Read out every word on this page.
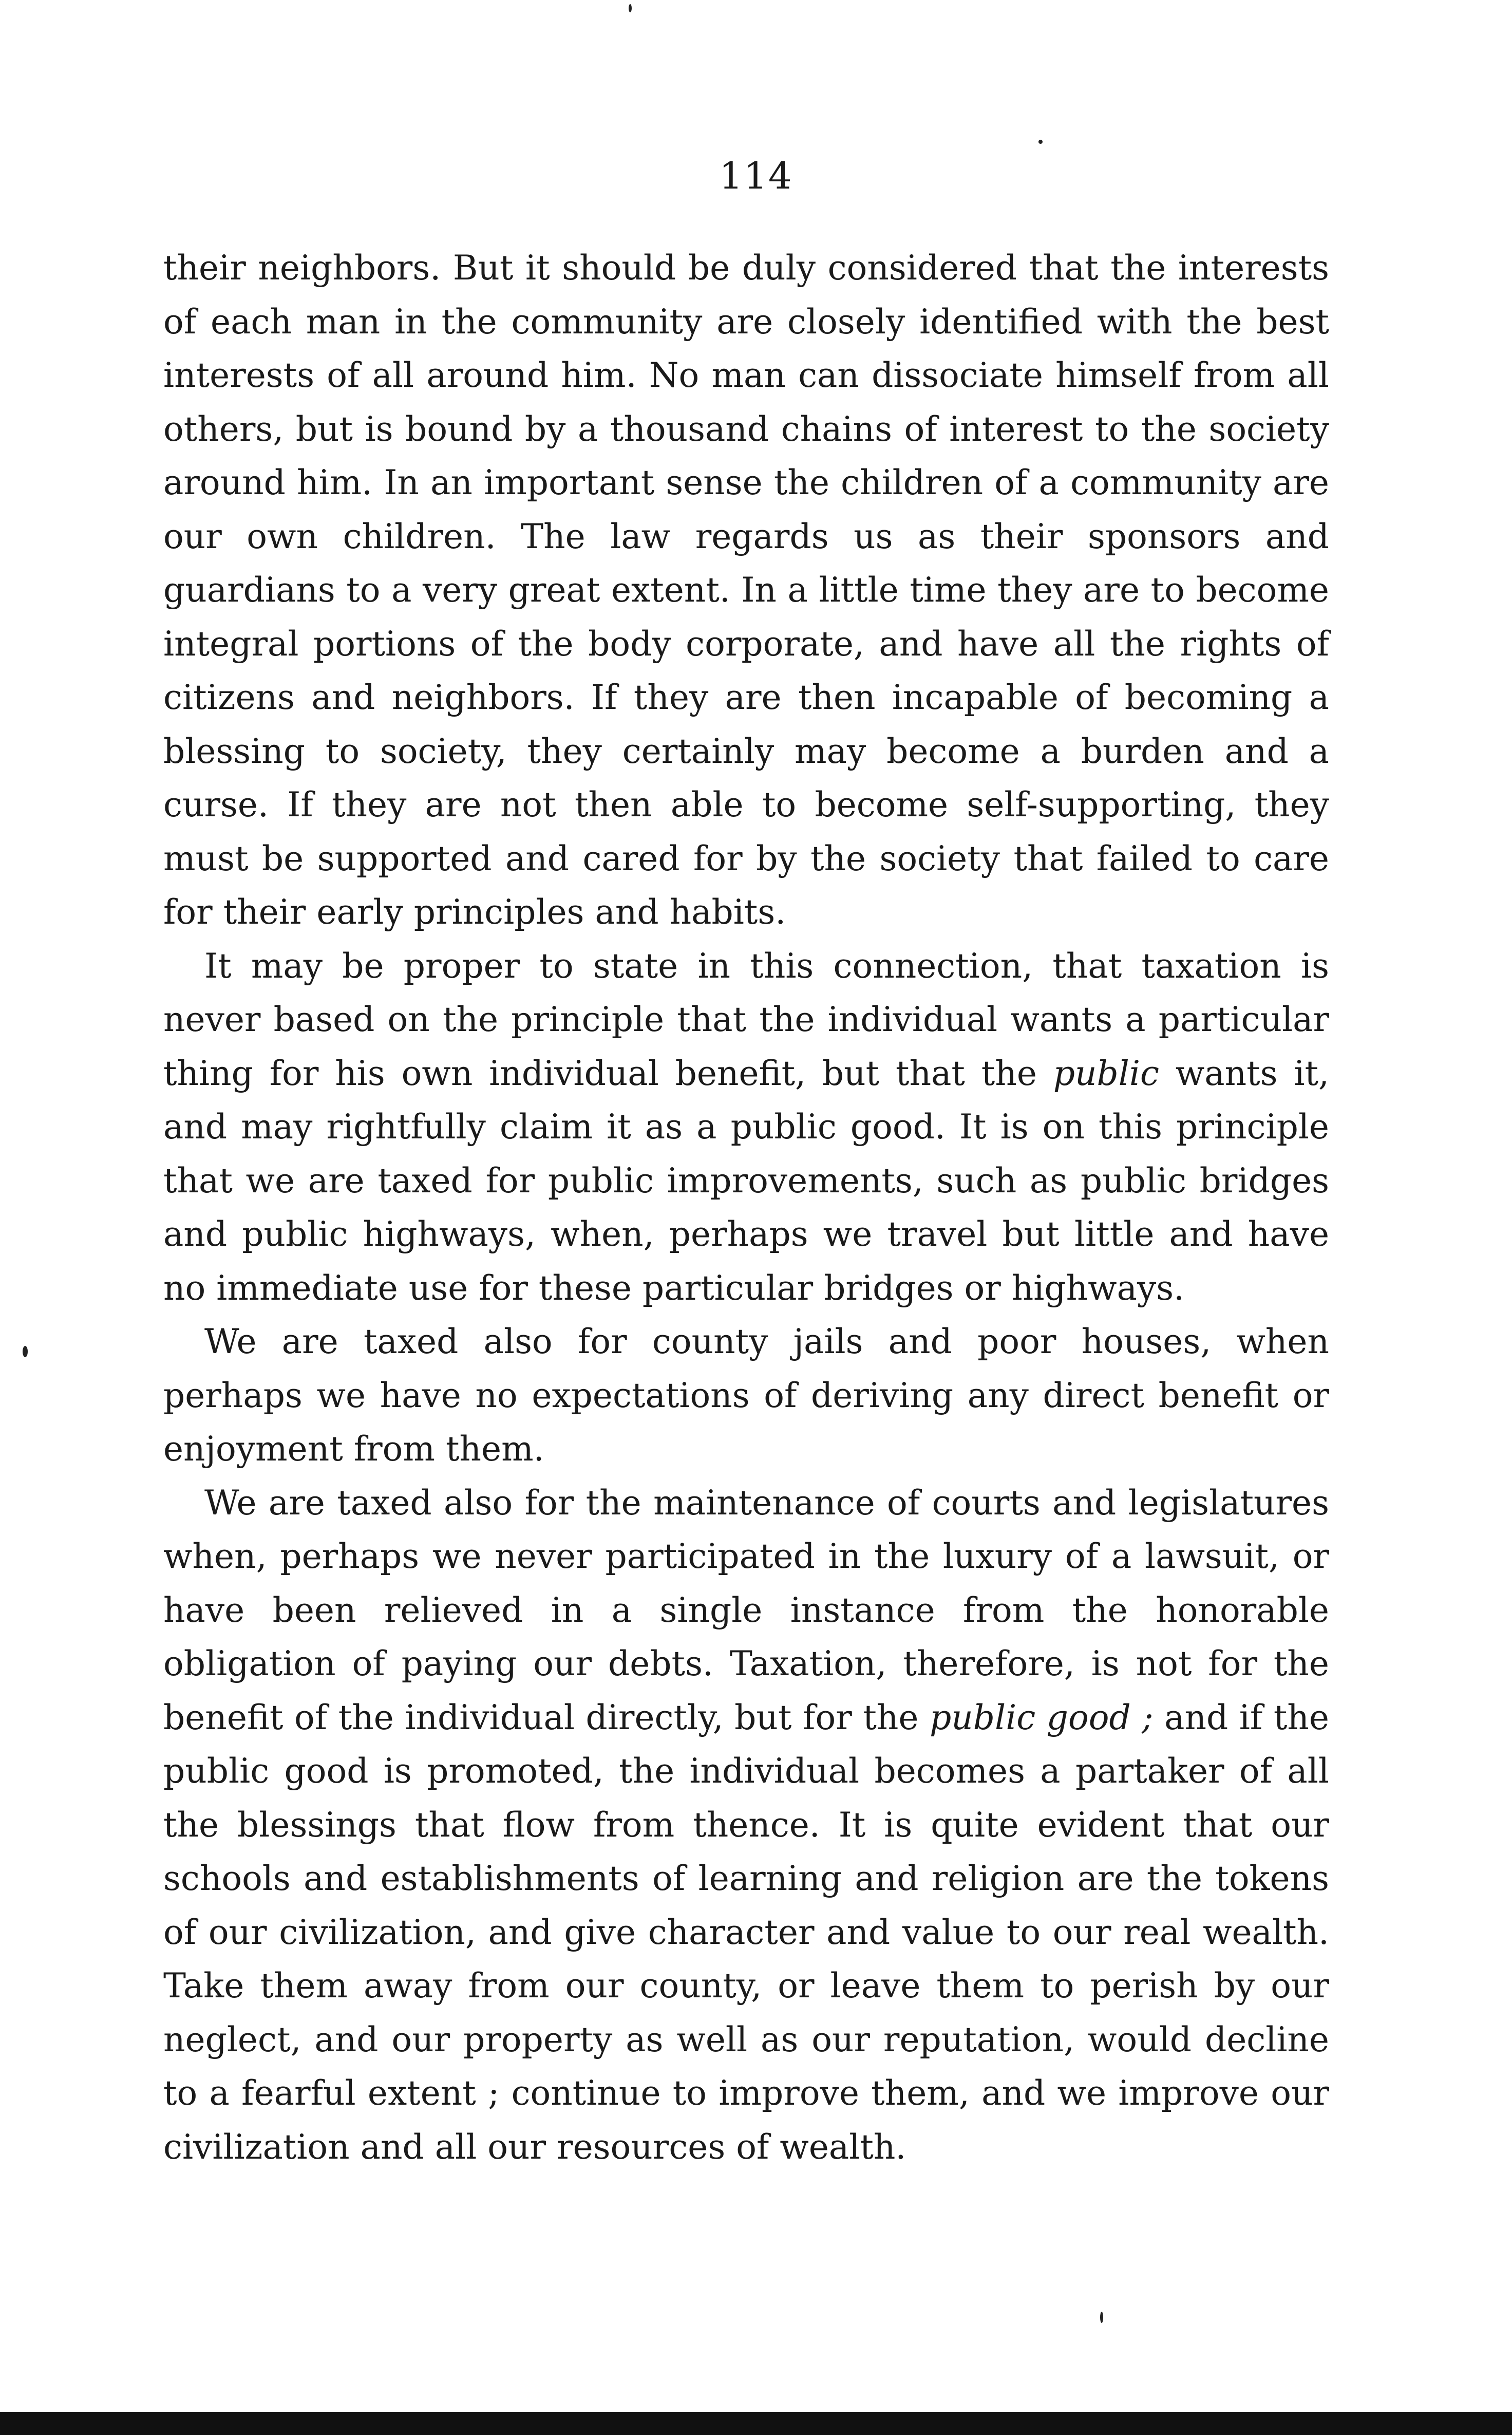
114

their neighbors. But it should be duly considered that the interests of each man in the community are closely identified with the best interests of all around him. No man can dissociate himself from all others, but is bound by a thousand chains of interest to the society around him. In an important sense the children of a community are our own children. The law regards us as their sponsors and guardians to a very great extent. In a little time they are to become integral portions of the body corporate, and have all the rights of citizens and neighbors. If they are then incapable of becoming a blessing to society, they certainly may become a burden and a curse. If they are not then able to become self-supporting, they must be supported and cared for by the society that failed to care for their early principles and habits.

It may be proper to state in this connection, that taxation is never based on the principle that the individual wants a particular thing for his own individual benefit, but that the public wants it, and may rightfully claim it as a public good. It is on this principle that we are taxed for public improvements, such as public bridges and public highways, when, perhaps we travel but little and have no immediate use for these particular bridges or highways.

We are taxed also for county jails and poor houses, when perhaps we have no expectations of deriving any direct benefit or enjoyment from them.

We are taxed also for the maintenance of courts and legislatures when, perhaps we never participated in the luxury of a lawsuit, or have been relieved in a single instance from the honorable obligation of paying our debts. Taxation, therefore, is not for the benefit of the individual directly, but for the public good ; and if the public good is promoted, the individual becomes a partaker of all the blessings that flow from thence. It is quite evident that our schools and establishments of learning and religion are the tokens of our civilization, and give character and value to our real wealth. Take them away from our county, or leave them to perish by our neglect, and our property as well as our reputation, would decline to a fearful extent ; continue to improve them, and we improve our civilization and all our resources of wealth.
